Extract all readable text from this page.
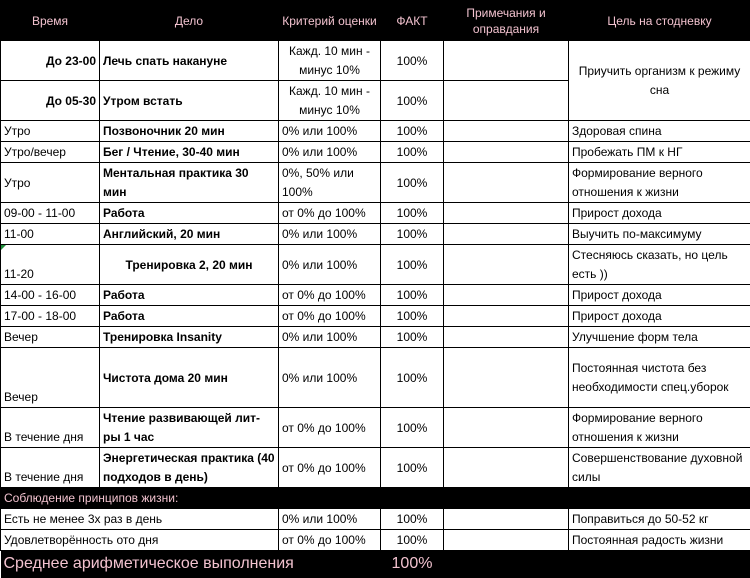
Время	Дело	Критерий оценки	ФАКТ	Примечания и оправдания	Цель на стодневку
До 23-00	Лечь спать накануне	Кажд. 10 мин - минус 10%	100%		Приучить организм к режиму сна
До 05-30	Утром встать	Кажд. 10 мин - минус 10%	100%		
Утро	Позвоночник 20 мин	0% или 100%	100%		Здоровая спина
Утро/вечер	Бег / Чтение, 30-40 мин	0% или 100%	100%		Пробежать ПМ к НГ
Утро	Ментальная практика 30 мин	0%, 50% или 100%	100%		Формирование верного отношения к жизни
09-00 - 11-00	Работа	от 0% до 100%	100%		Прирост дохода
11-00	Английский, 20 мин	0% или 100%	100%		Выучить по-максимуму
11-20	Тренировка 2, 20 мин	0% или 100%	100%		Стесняюсь сказать, но цель есть ))
14-00 - 16-00	Работа	от 0% до 100%	100%		Прирост дохода
17-00 - 18-00	Работа	от 0% до 100%	100%		Прирост дохода
Вечер	Тренировка Insanity	0% или 100%	100%		Улучшение форм тела
Вечер	Чистота дома 20 мин	0% или 100%	100%		Постоянная чистота без необходимости спец.уборок
В течение дня	Чтение развивающей лит-ры 1 час	от 0% до 100%	100%		Формирование верного отношения к жизни
В течение дня	Энергетическая практика (40 подходов в день)	от 0% до 100%	100%		Совершенствование духовной силы
Соблюдение принципов жизни:					
Есть не менее 3х раз в день		0% или 100%	100%		Поправиться до 50-52 кг
Удовлетворённость ото дня		от 0% до 100%	100%		Постоянная радость жизни
Среднее арифметическое выполнения			100%		
